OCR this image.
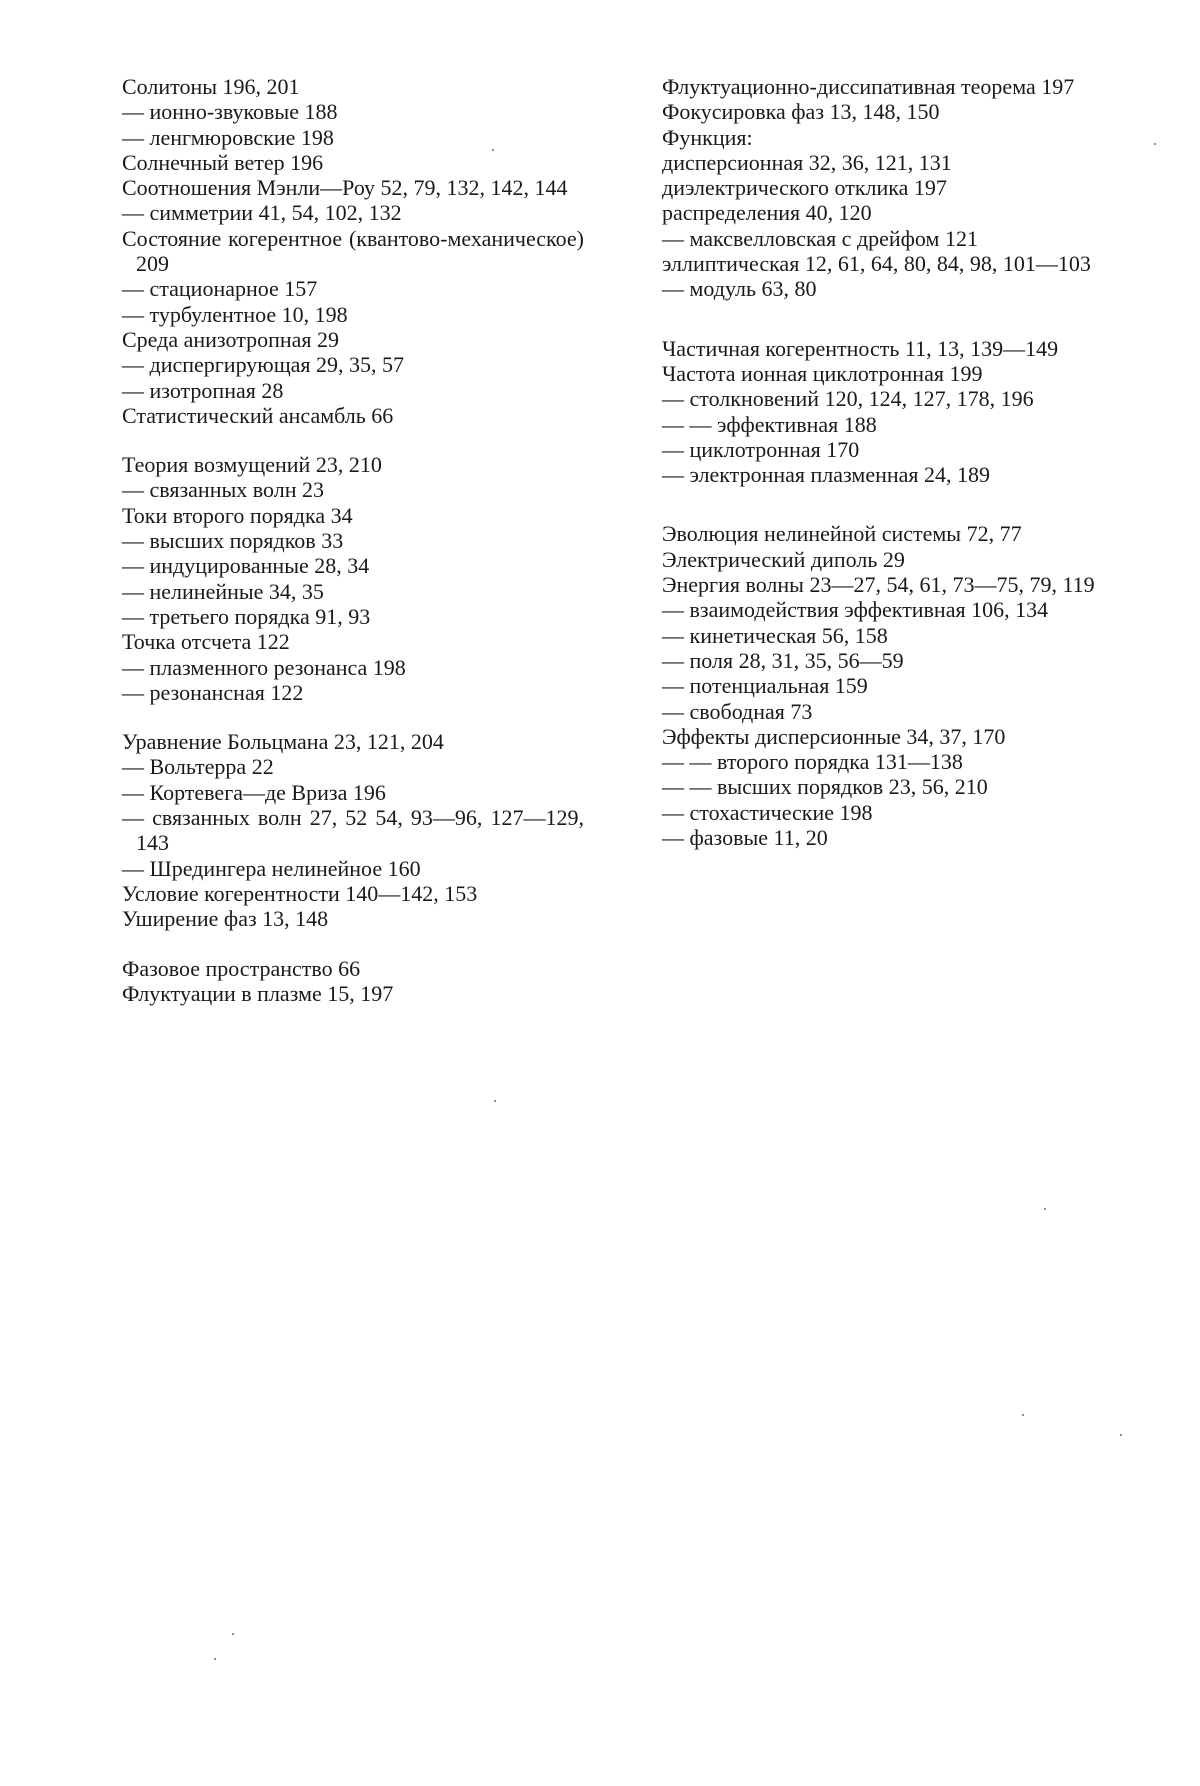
Солитоны 196, 201
— ионно-звуковые 188
— ленгмюровские 198
Солнечный ветер 196
Соотношения Мэнли—Роу 52, 79, 132, 142, 144
— симметрии 41, 54, 102, 132
Состояние когерентное (квантово-механическое) 209
— стационарное 157
— турбулентное 10, 198
Среда анизотропная 29
— диспергирующая 29, 35, 57
— изотропная 28
Статистический ансамбль 66
Теория возмущений 23, 210
— связанных волн 23
Токи второго порядка 34
— высших порядков 33
— индуцированные 28, 34
— нелинейные 34, 35
— третьего порядка 91, 93
Точка отсчета 122
— плазменного резонанса 198
— резонансная 122
Уравнение Больцмана 23, 121, 204
— Вольтерра 22
— Кортевега—де Вриза 196
— связанных волн 27, 52 54, 93—96, 127—129, 143
— Шредингера нелинейное 160
Условие когерентности 140—142, 153
Уширение фаз 13, 148
Фазовое пространство 66
Флуктуации в плазме 15, 197
Флуктуационно-диссипативная теорема 197
Фокусировка фаз 13, 148, 150
Функция:
дисперсионная 32, 36, 121, 131
диэлектрического отклика 197
распределения 40, 120
— максвелловская с дрейфом 121
эллиптическая 12, 61, 64, 80, 84, 98, 101—103
— модуль 63, 80
Частичная когерентность 11, 13, 139—149
Частота ионная циклотронная 199
— столкновений 120, 124, 127, 178, 196
— — эффективная 188
— циклотронная 170
— электронная плазменная 24, 189
Эволюция нелинейной системы 72, 77
Электрический диполь 29
Энергия волны 23—27, 54, 61, 73—75, 79, 119
— взаимодействия эффективная 106, 134
— кинетическая 56, 158
— поля 28, 31, 35, 56—59
— потенциальная 159
— свободная 73
Эффекты дисперсионные 34, 37, 170
— — второго порядка 131—138
— — высших порядков 23, 56, 210
— стохастические 198
— фазовые 11, 20
